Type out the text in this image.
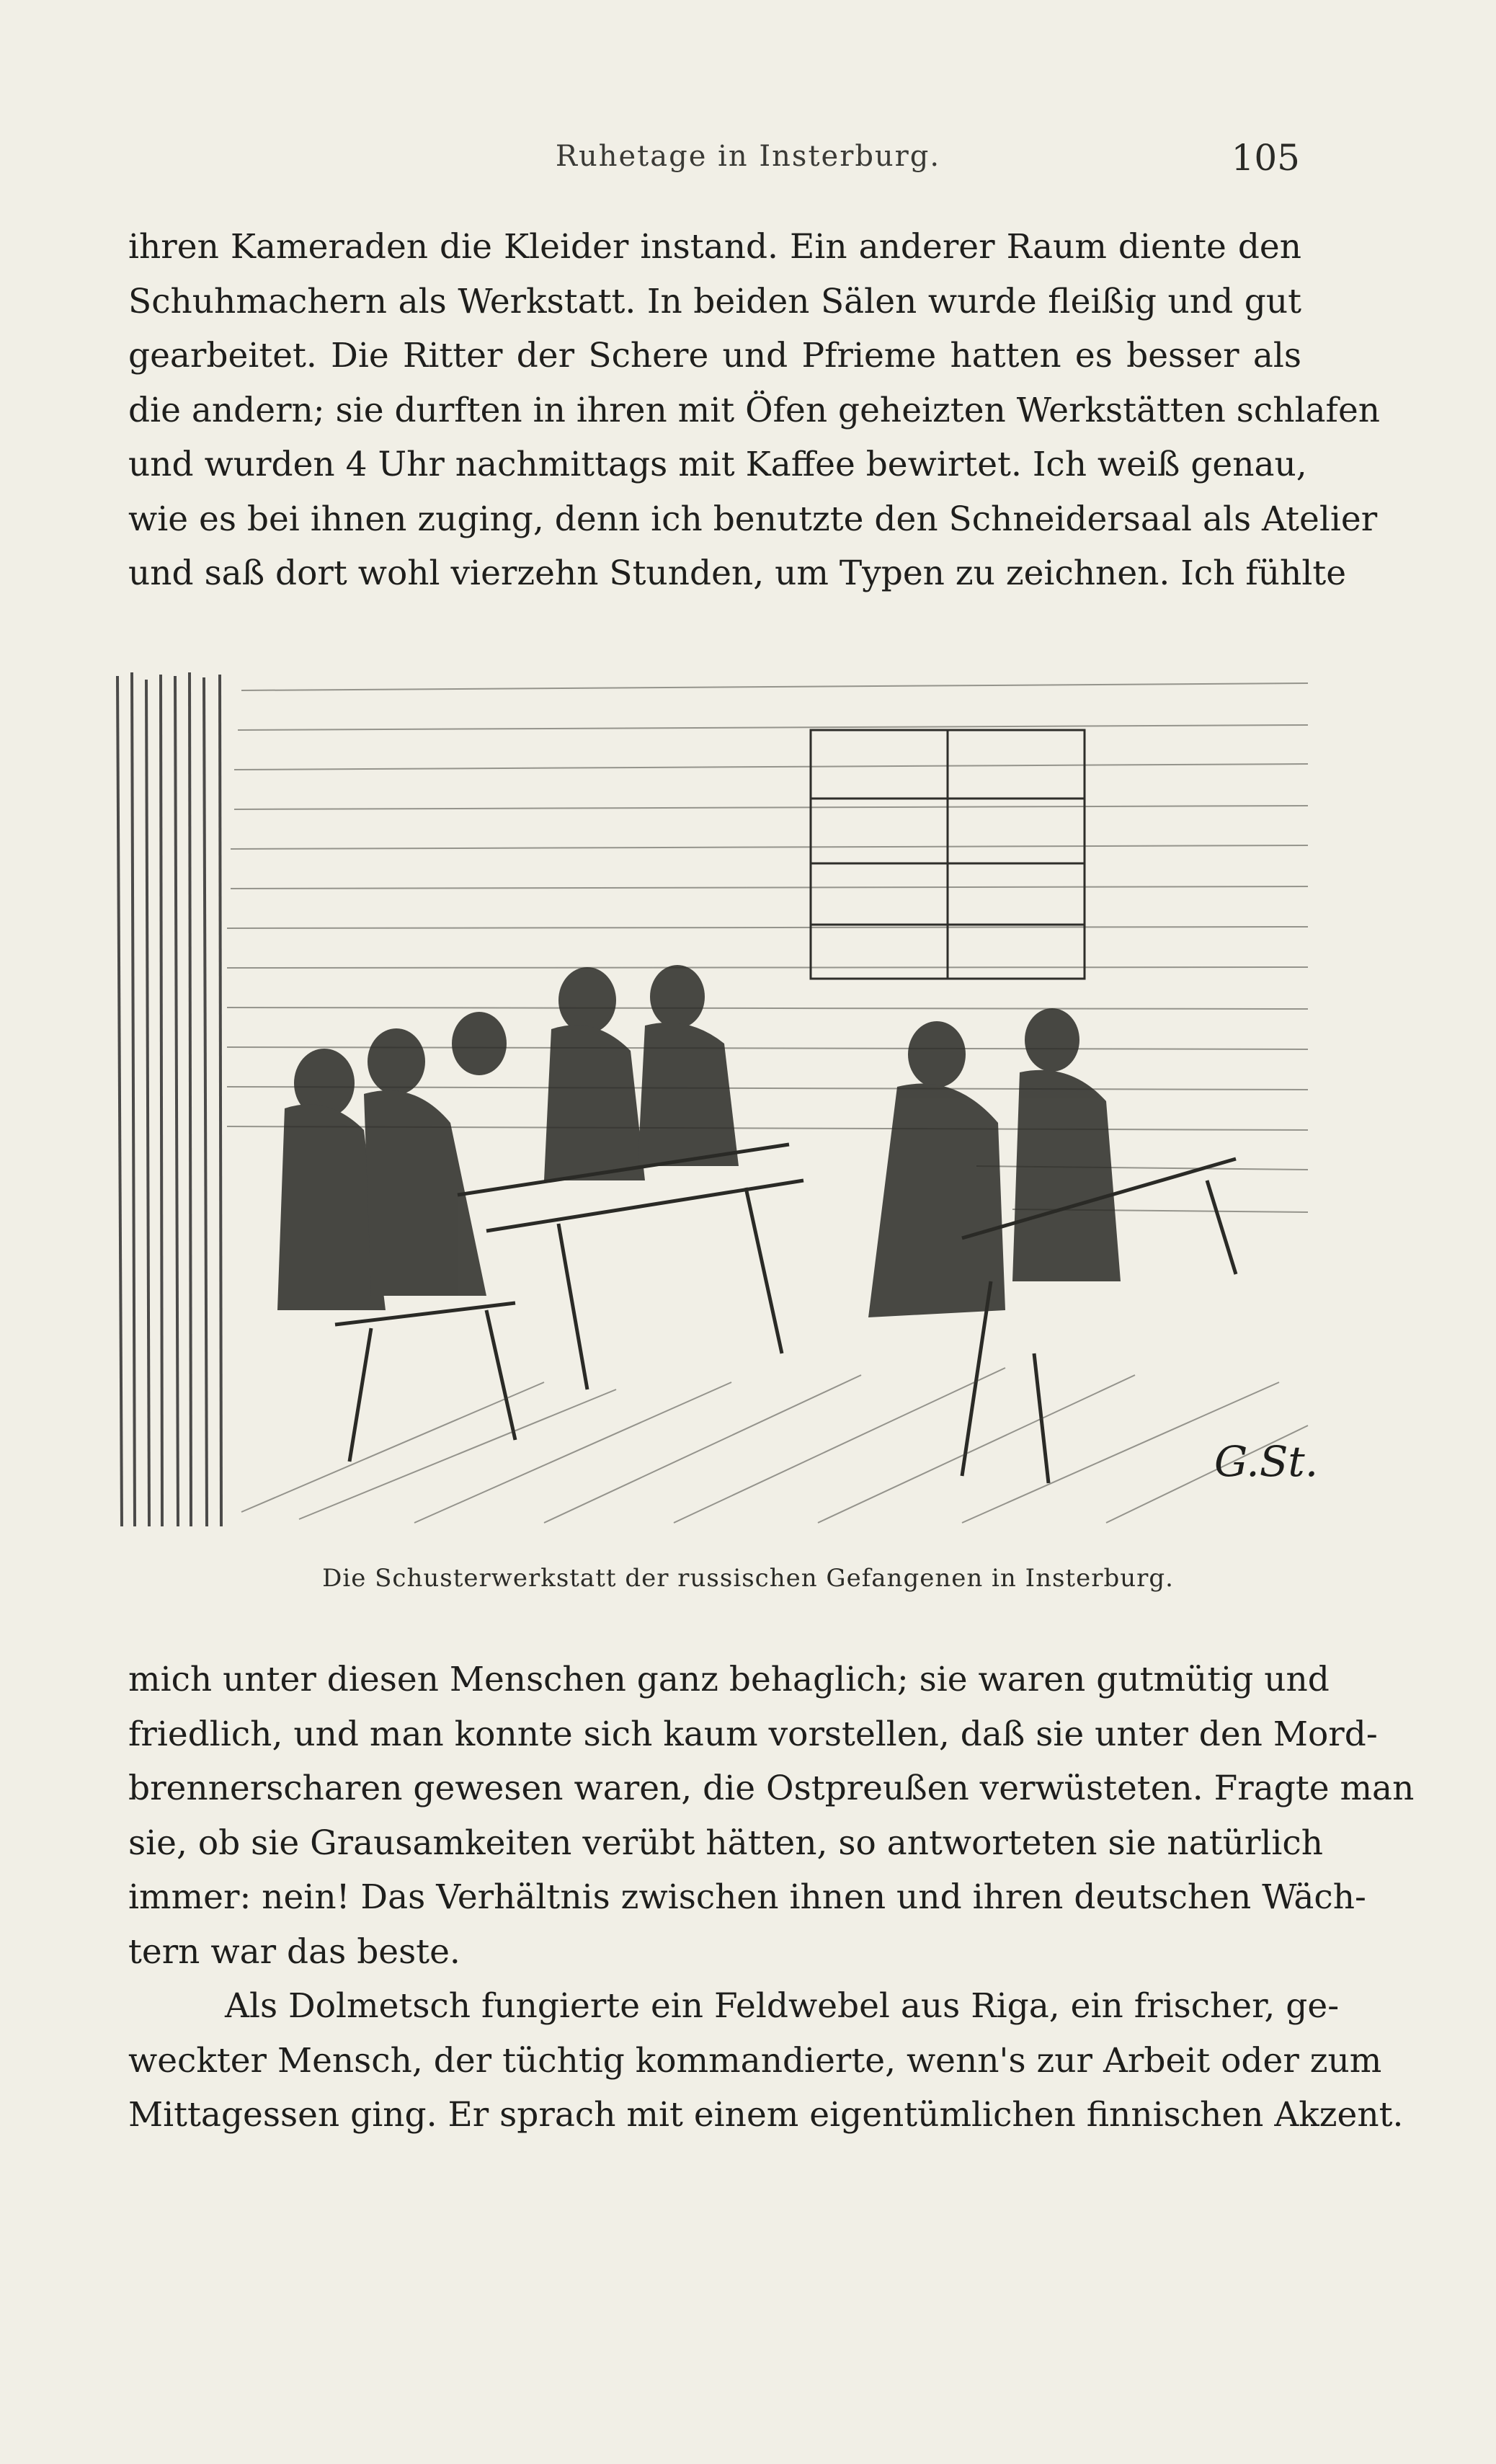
Ruhetage in Insterburg.	105
ihren Kameraden die Kleider instand. Ein anderer Raum diente den
Schuhmachern als Werkstatt. In beiden Sälen wurde fleißig und gut
gearbeitet. Die Ritter der Schere und Pfrieme hatten es besser als
die andern; sie durften in ihren mit Öfen geheizten Werkstätten schlafen
und wurden 4 Uhr nachmittags mit Kaffee bewirtet. Ich weiß genau,
wie es bei ihnen zuging, denn ich benutzte den Schneidersaal als Atelier
und saß dort wohl vierzehn Stunden, um Typen zu zeichnen. Ich fühlte
G.St.
Die Schusterwerkstatt der russischen Gefangenen in Insterburg.
mich unter diesen Menschen ganz behaglich; sie waren gutmütig und
friedlich, und man konnte sich kaum vorstellen, daß sie unter den Mord-
brennerscharen gewesen waren, die Ostpreußen verwüsteten. Fragte man
sie, ob sie Grausamkeiten verübt hätten, so antworteten sie natürlich
immer: nein! Das Verhältnis zwischen ihnen und ihren deutschen Wäch-
tern war das beste.
Als Dolmetsch fungierte ein Feldwebel aus Riga, ein frischer, ge-
weckter Mensch, der tüchtig kommandierte, wenn's zur Arbeit oder zum
Mittagessen ging. Er sprach mit einem eigentümlichen finnischen Akzent.
